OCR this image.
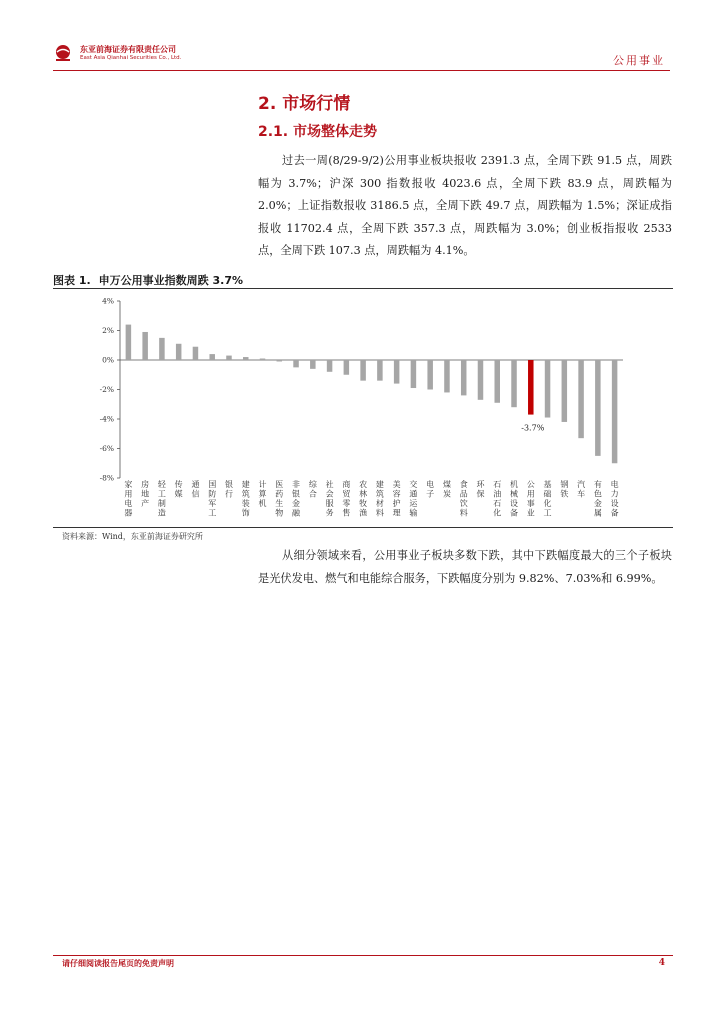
东亚前海证券有限责任公司
East Asia Qianhai Securities Co., Ltd.	公用事业
2. 市场行情
2.1. 市场整体走势
过去一周(8/29-9/2)公用事业板块报收 2391.3 点，全周下跌 91.5 点，周跌幅为 3.7%；沪深 300 指数报收 4023.6 点，全周下跌 83.9 点，周跌幅为 2.0%；上证指数报收 3186.5 点，全周下跌 49.7 点，周跌幅为 1.5%；深证成指报收 11702.4 点，全周下跌 357.3 点，周跌幅为 3.0%；创业板指报收 2533 点，全周下跌 107.3 点，周跌幅为 4.1%。
图表 1. 申万公用事业指数周跌 3.7%
4%
2%
0%
-2%
-4%
-6%
-8%
家用电器
房地产
轻工制造
传媒
通信
国防军工
银行
建筑装饰
计算机
医药生物
非银金融
综合
社会服务
商贸零售
农林牧渔
建筑材料
美容护理
交通运输
电子
煤炭
食品饮料
环保
石油石化
机械设备
公用事业
-3.7%
基础化工
钢铁
汽车
有色金属
电力设备
资料来源：Wind，东亚前海证券研究所
从细分领域来看，公用事业子板块多数下跌，其中下跌幅度最大的三个子板块是光伏发电、燃气和电能综合服务，下跌幅度分别为 9.82%、7.03%和 6.99%。
请仔细阅读报告尾页的免责声明	4
